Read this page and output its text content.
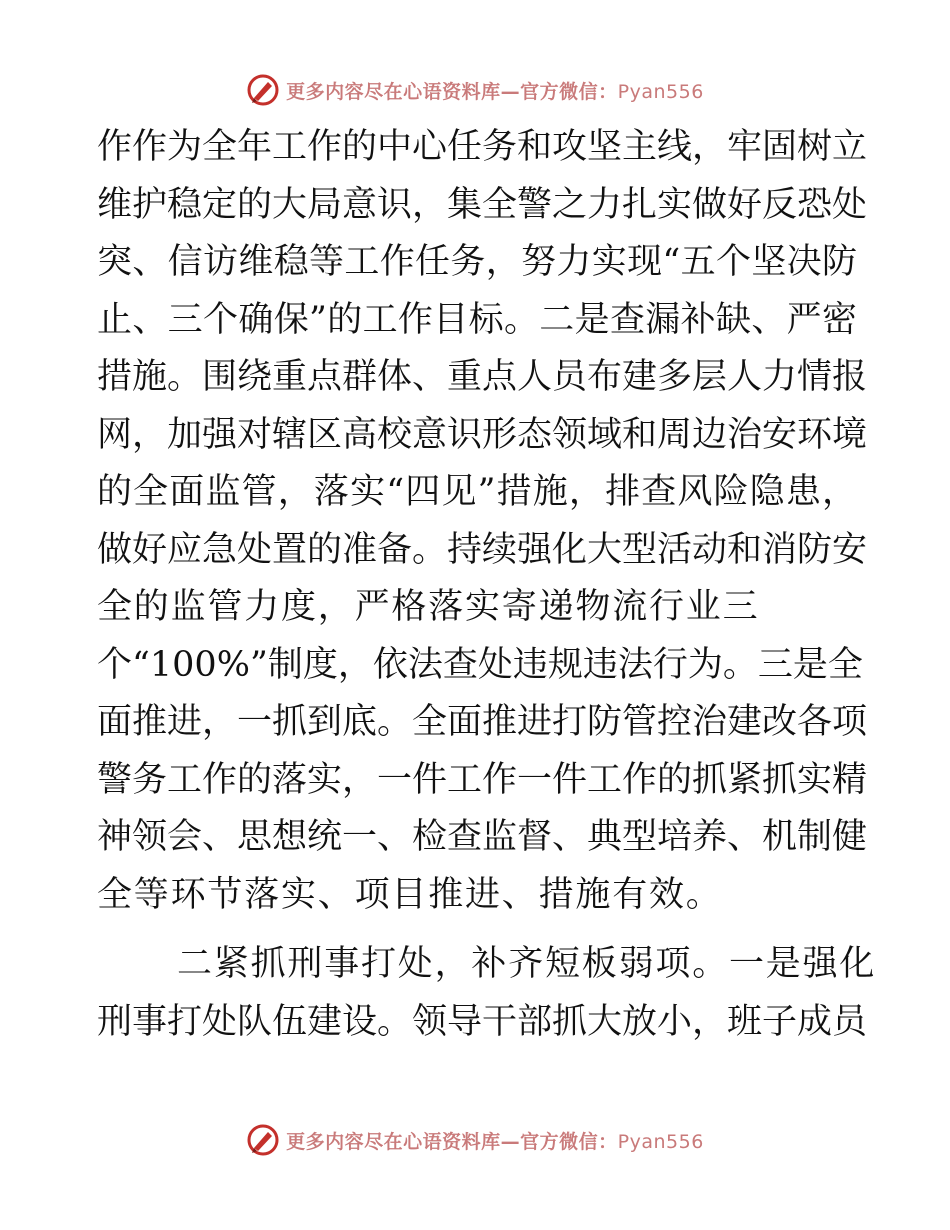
更多内容尽在心语资料库—官方微信：Pyan556
作作为全年工作的中心任务和攻坚主线，牢固树立
维护稳定的大局意识，集全警之力扎实做好反恐处
突、信访维稳等工作任务，努力实现“五个坚决防
止、三个确保”的工作目标。二是查漏补缺、严密
措施。围绕重点群体、重点人员布建多层人力情报
网，加强对辖区高校意识形态领域和周边治安环境
的全面监管，落实“四见”措施，排查风险隐患，
做好应急处置的准备。持续强化大型活动和消防安
全的监管力度，严格落实寄递物流行业三
个“100%”制度，依法查处违规违法行为。三是全
面推进，一抓到底。全面推进打防管控治建改各项
警务工作的落实，一件工作一件工作的抓紧抓实精
神领会、思想统一、检查监督、典型培养、机制健
全等环节落实、项目推进、措施有效。
二紧抓刑事打处，补齐短板弱项。一是强化
刑事打处队伍建设。领导干部抓大放小，班子成员
更多内容尽在心语资料库—官方微信：Pyan556
